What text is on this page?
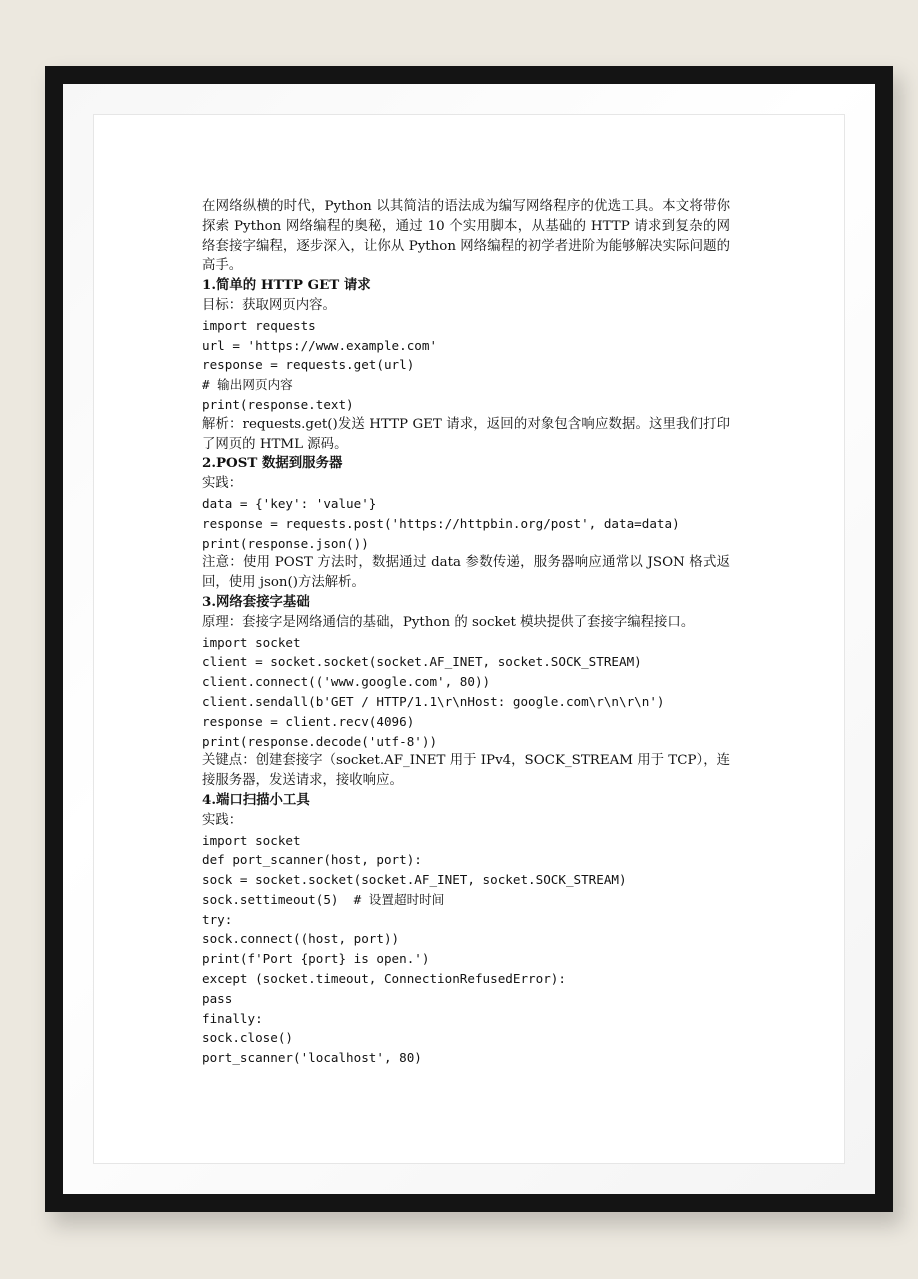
在网络纵横的时代，Python 以其简洁的语法成为编写网络程序的优选工具。本文将带你探索 Python 网络编程的奥秘，通过 10 个实用脚本，从基础的 HTTP 请求到复杂的网络套接字编程，逐步深入，让你从 Python 网络编程的初学者进阶为能够解决实际问题的高手。

1.简单的 HTTP GET 请求

目标：获取网页内容。

import requests

url = 'https://www.example.com'

response = requests.get(url)

# 输出网页内容

print(response.text)

解析：requests.get()发送 HTTP GET 请求，返回的对象包含响应数据。这里我们打印了网页的 HTML 源码。

2.POST 数据到服务器

实践：

data = {'key': 'value'}

response = requests.post('https://httpbin.org/post', data=data)

print(response.json())

注意：使用 POST 方法时，数据通过 data 参数传递，服务器响应通常以 JSON 格式返回，使用 json()方法解析。

3.网络套接字基础

原理：套接字是网络通信的基础，Python 的 socket 模块提供了套接字编程接口。

import socket

client = socket.socket(socket.AF_INET, socket.SOCK_STREAM)

client.connect(('www.google.com', 80))

client.sendall(b'GET / HTTP/1.1\r\nHost: google.com\r\n\r\n')

response = client.recv(4096)

print(response.decode('utf-8'))

关键点：创建套接字（socket.AF_INET 用于 IPv4，SOCK_STREAM 用于 TCP），连接服务器，发送请求，接收响应。

4.端口扫描小工具

实践：

import socket

def port_scanner(host, port):

sock = socket.socket(socket.AF_INET, socket.SOCK_STREAM)

sock.settimeout(5)  # 设置超时时间

try:

sock.connect((host, port))

print(f'Port {port} is open.')

except (socket.timeout, ConnectionRefusedError):

pass

finally:

sock.close()

port_scanner('localhost', 80)
